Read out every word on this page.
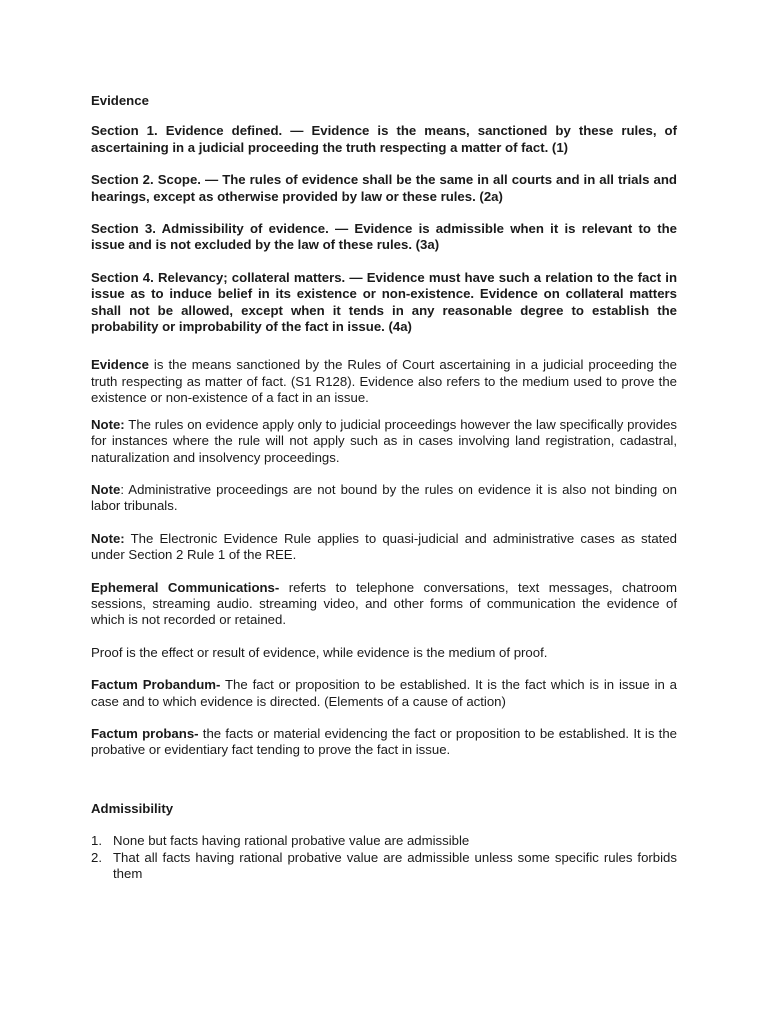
Evidence

Section 1. Evidence defined. — Evidence is the means, sanctioned by these rules, of ascertaining in a judicial proceeding the truth respecting a matter of fact. (1)

Section 2. Scope. — The rules of evidence shall be the same in all courts and in all trials and hearings, except as otherwise provided by law or these rules. (2a)

Section 3. Admissibility of evidence. — Evidence is admissible when it is relevant to the issue and is not excluded by the law of these rules. (3a)

Section 4. Relevancy; collateral matters. — Evidence must have such a relation to the fact in issue as to induce belief in its existence or non-existence. Evidence on collateral matters shall not be allowed, except when it tends in any reasonable degree to establish the probability or improbability of the fact in issue. (4a)

Evidence is the means sanctioned by the Rules of Court ascertaining in a judicial proceeding the truth respecting as matter of fact. (S1 R128). Evidence also refers to the medium used to prove the existence or non-existence of a fact in an issue.

Note: The rules on evidence apply only to judicial proceedings however the law specifically provides for instances where the rule will not apply such as in cases involving land registration, cadastral, naturalization and insolvency proceedings.

Note: Administrative proceedings are not bound by the rules on evidence it is also not binding on labor tribunals.

Note: The Electronic Evidence Rule applies to quasi-judicial and administrative cases as stated under Section 2 Rule 1 of the REE.

Ephemeral Communications- referts to telephone conversations, text messages, chatroom sessions, streaming audio. streaming video, and other forms of communication the evidence of which is not recorded or retained.

Proof is the effect or result of evidence, while evidence is the medium of proof.

Factum Probandum- The fact or proposition to be established. It is the fact which is in issue in a case and to which evidence is directed. (Elements of a cause of action)

Factum probans- the facts or material evidencing the fact or proposition to be established. It is the probative or evidentiary fact tending to prove the fact in issue.

Admissibility
1. None but facts having rational probative value are admissible
2. That all facts having rational probative value are admissible unless some specific rules forbids them
